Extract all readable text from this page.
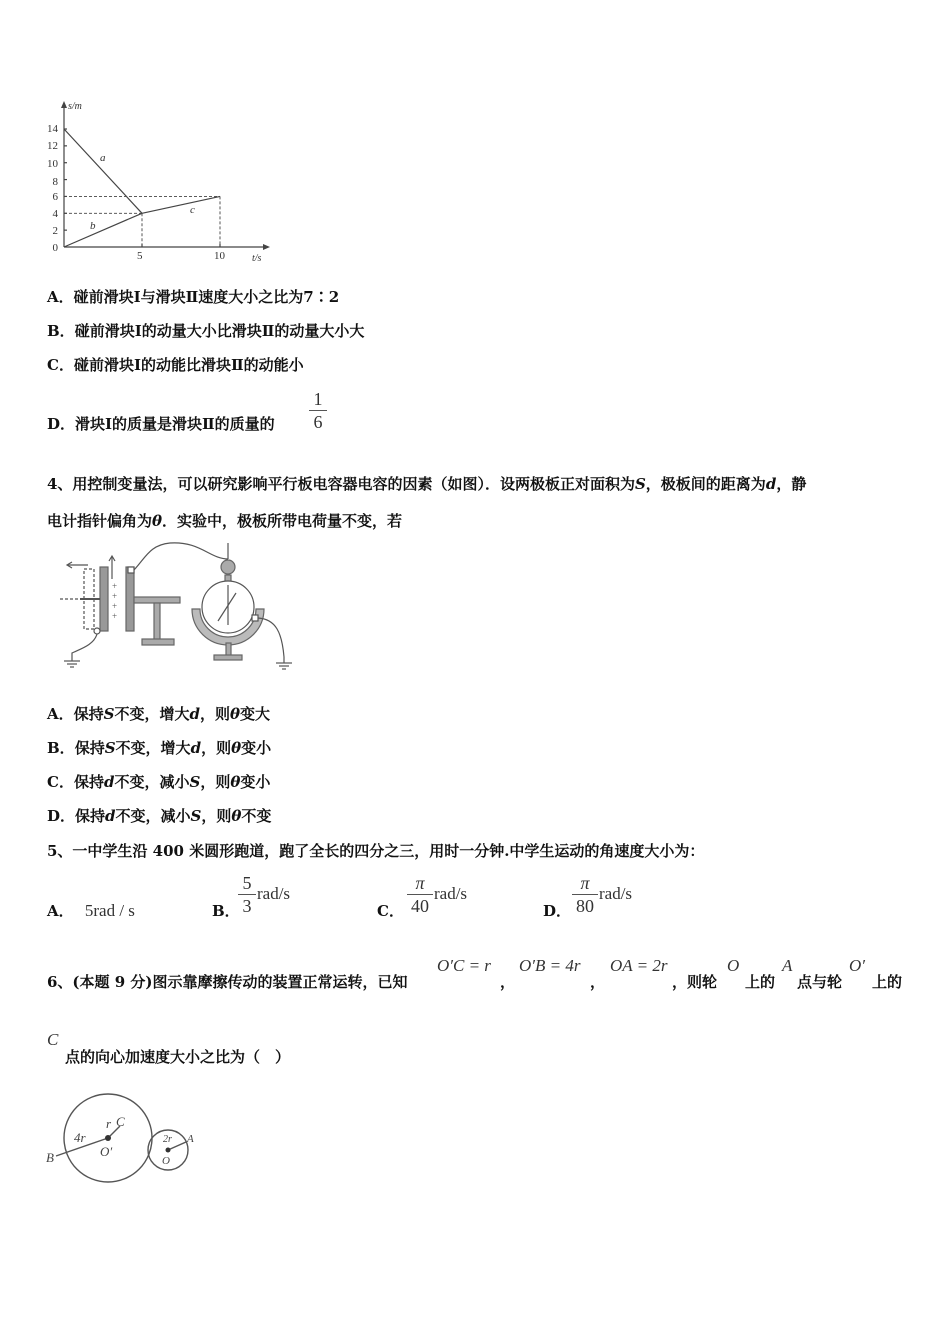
s/m
t/s
14
12
10
8
6
4
2
0
5	10
a
b
c
A．碰前滑块Ⅰ与滑块Ⅱ速度大小之比为7∶2
B．碰前滑块Ⅰ的动量大小比滑块Ⅱ的动量大小大
C．碰前滑块Ⅰ的动能比滑块Ⅱ的动能小
D．滑块Ⅰ的质量是滑块Ⅱ的质量的
1
6
4、用控制变量法，可以研究影响平行板电容器电容的因素（如图）．设两极板正对面积为S，极板间的距离为d，静
电计指针偏角为θ．实验中，极板所带电荷量不变，若
+
+
+
+
A．保持S不变，增大d，则θ变大
B．保持S不变，增大d，则θ变小
C．保持d不变，减小S，则θ变小
D．保持d不变，减小S，则θ不变
5、一中学生沿 400 米圆形跑道，跑了全长的四分之三，用时一分钟.中学生运动的角速度大小为：
A． 5rad / s	B．
5
3
rad/s
C．
π
40
rad/s
D．
π
80
rad/s
6、(本题 9 分)图示靠摩擦传动的装置正常运转，已知
O′C = r
，
O′B = 4r
，
OA = 2r
，则轮
O
上的
A
点与轮
O′
上的
C
点的向心加速度大小之比为（　）
4r
r C
B	O′
2r A
O
